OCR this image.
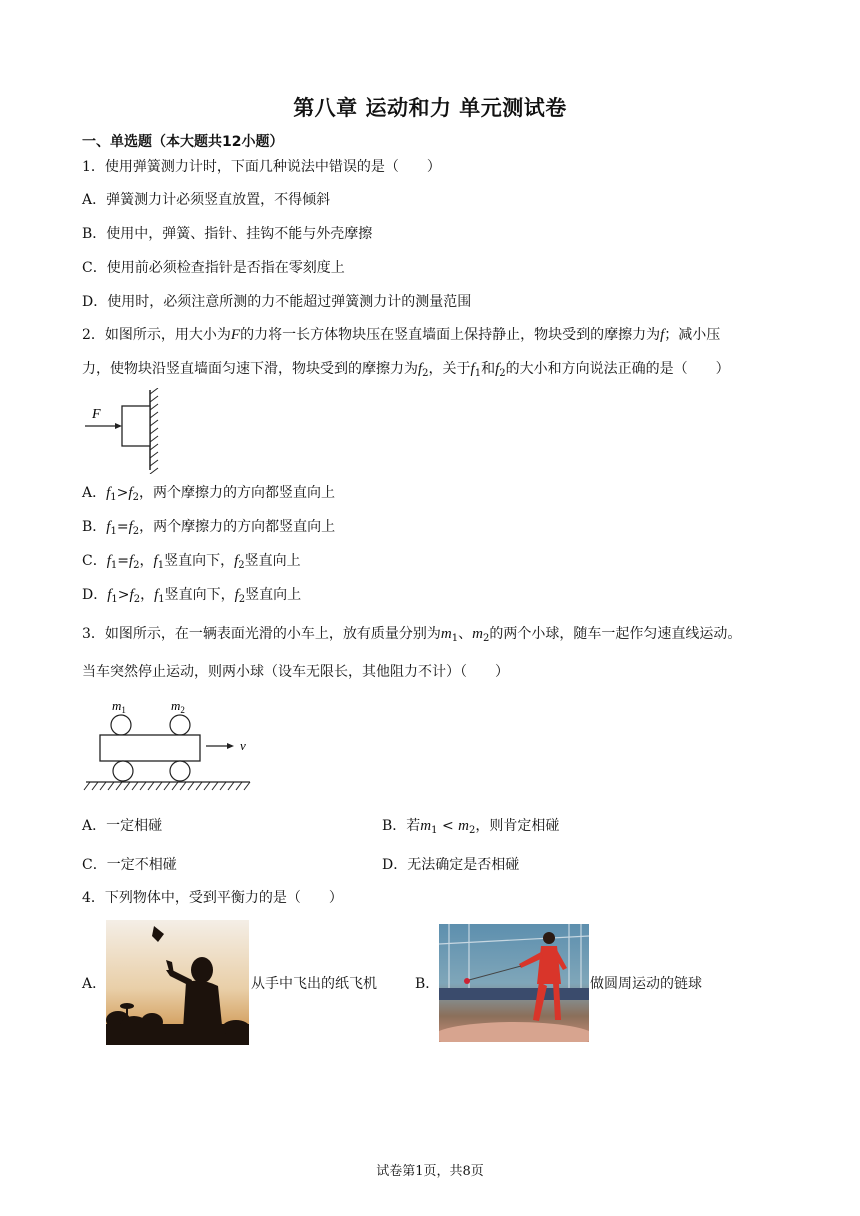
第八章 运动和力 单元测试卷
一、单选题（本大题共12小题）
1．使用弹簧测力计时，下面几种说法中错误的是（　　）
A．弹簧测力计必须竖直放置，不得倾斜
B．使用中，弹簧、指针、挂钩不能与外壳摩擦
C．使用前必须检查指针是否指在零刻度上
D．使用时，必须注意所测的力不能超过弹簧测力计的测量范围
2．如图所示，用大小为F的力将一长方体物块压在竖直墙面上保持静止，物块受到的摩擦力为f；减小压
力，使物块沿竖直墙面匀速下滑，物块受到的摩擦力为$f_2$，关于$f_1$和$f_2$的大小和方向说法正确的是（　　）
F
A．$f_1>f_2$，两个摩擦力的方向都竖直向上
B．$f_1=f_2$，两个摩擦力的方向都竖直向上
C．$f_1=f_2$，$f_1$竖直向下，$f_2$竖直向上
D．$f_1>f_2$，$f_1$竖直向下，$f_2$竖直向上
3．如图所示，在一辆表面光滑的小车上，放有质量分别为$m_1$、$m_2$的两个小球，随车一起作匀速直线运动。
当车突然停止运动，则两小球（设车无限长，其他阻力不计）（　　）
$m_1$	$m_2$
v
A．一定相碰	B．若$m_1 < m_2$，则肯定相碰
C．一定不相碰	D．无法确定是否相碰
4．下列物体中，受到平衡力的是（　　）
A．	从手中飞出的纸飞机	B．	做圆周运动的链球
试卷第1页，共8页
